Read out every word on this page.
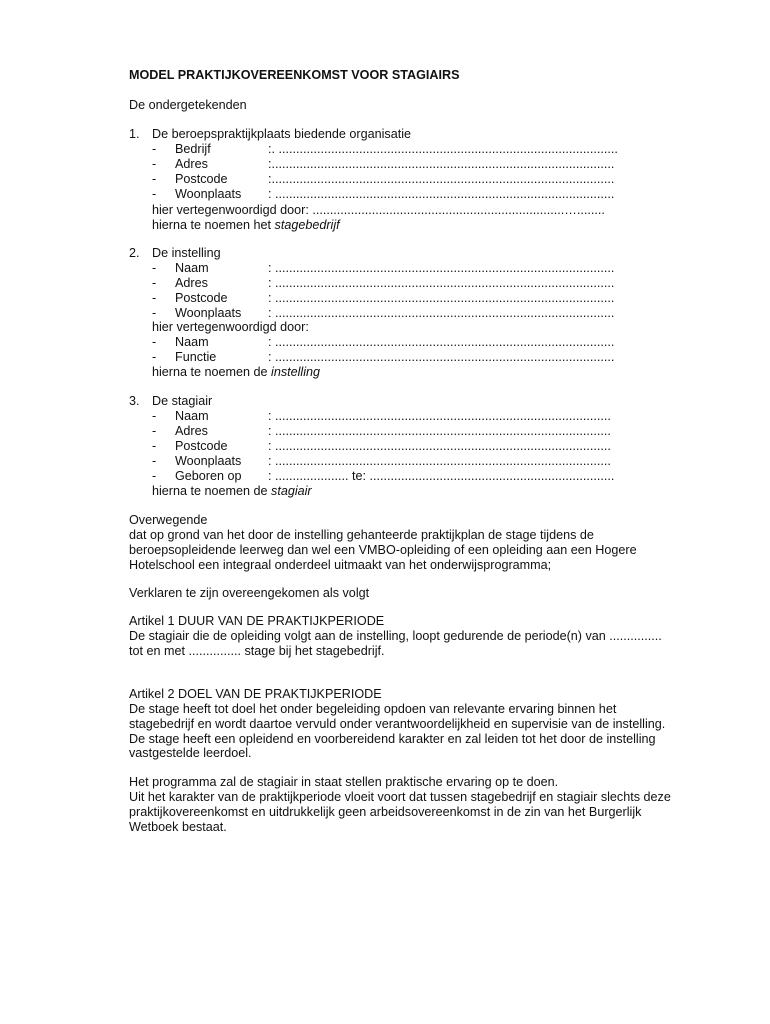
MODEL PRAKTIJKOVEREENKOMST VOOR STAGIAIRS
De ondergetekenden
1. De beroepspraktijkplaats biedende organisatie
- Bedrijf	:. .................................................................................................
- Adres	:..................................................................................................
- Postcode	:..................................................................................................
- Woonplaats : .................................................................................................
hier vertegenwoordigd door: ........................................................................…........
hierna te noemen het stagebedrijf
2. De instelling
- Naam	: .................................................................................................
- Adres	: .................................................................................................
- Postcode	: .................................................................................................
- Woonplaats : .................................................................................................
hier vertegenwoordigd door:
- Naam	: .................................................................................................
- Functie	: .................................................................................................
hierna te noemen de instelling
3. De stagiair
- Naam	: ................................................................................................
- Adres	: ................................................................................................
- Postcode	: ................................................................................................
- Woonplaats : ................................................................................................
- Geboren op : ..................... te: ......................................................................
hierna te noemen de stagiair
Overwegende
dat op grond van het door de instelling gehanteerde praktijkplan de stage tijdens de
beroepsopleidende leerweg dan wel een VMBO-opleiding of een opleiding aan een Hogere
Hotelschool een integraal onderdeel uitmaakt van het onderwijsprogramma;
Verklaren te zijn overeengekomen als volgt
Artikel 1 DUUR VAN DE PRAKTIJKPERIODE
De stagiair die de opleiding volgt aan de instelling, loopt gedurende de periode(n) van ...............
tot en met ............... stage bij het stagebedrijf.
Artikel 2 DOEL VAN DE PRAKTIJKPERIODE
De stage heeft tot doel het onder begeleiding opdoen van relevante ervaring binnen het
stagebedrijf en wordt daartoe vervuld onder verantwoordelijkheid en supervisie van de instelling.
De stage heeft een opleidend en voorbereidend karakter en zal leiden tot het door de instelling
vastgestelde leerdoel.
Het programma zal de stagiair in staat stellen praktische ervaring op te doen.
Uit het karakter van de praktijkperiode vloeit voort dat tussen stagebedrijf en stagiair slechts deze
praktijkovereenkomst en uitdrukkelijk geen arbeidsovereenkomst in de zin van het Burgerlijk
Wetboek bestaat.
